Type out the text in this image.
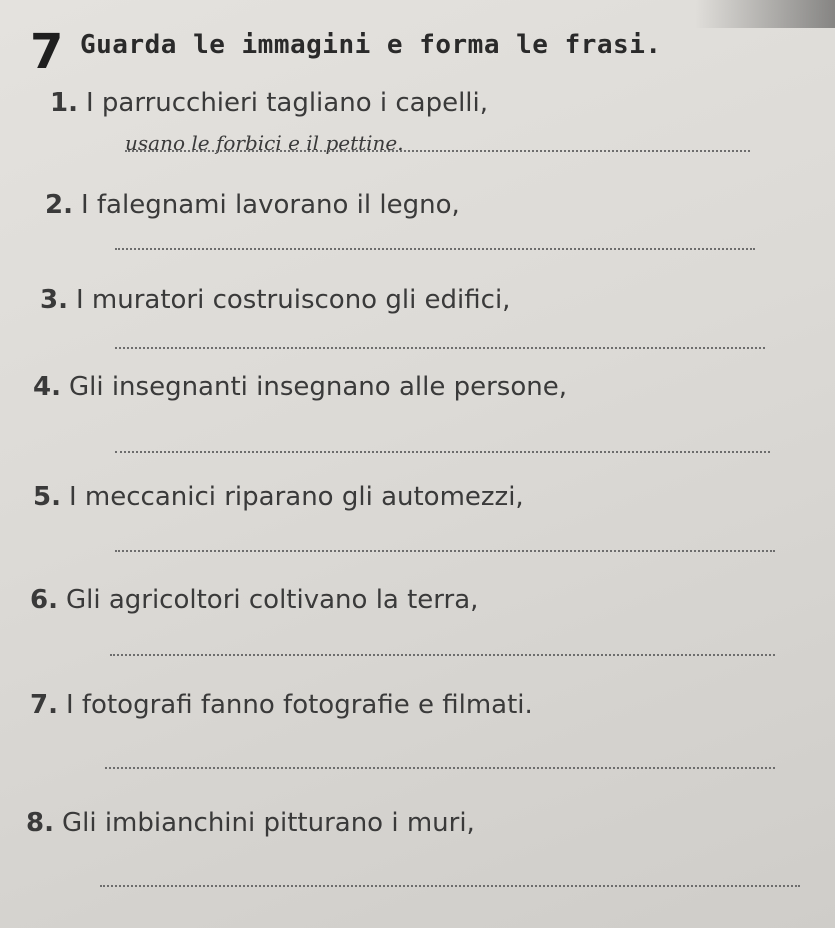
7 Guarda le immagini e forma le frasi.
1. I parrucchieri tagliano i capelli,
usano le forbici e il pettine.
2. I falegnami lavorano il legno,
3. I muratori costruiscono gli edifici,
4. Gli insegnanti insegnano alle persone,
5. I meccanici riparano gli automezzi,
6. Gli agricoltori coltivano la terra,
7. I fotografi fanno fotografie e filmati.
8. Gli imbianchini pitturano i muri,
